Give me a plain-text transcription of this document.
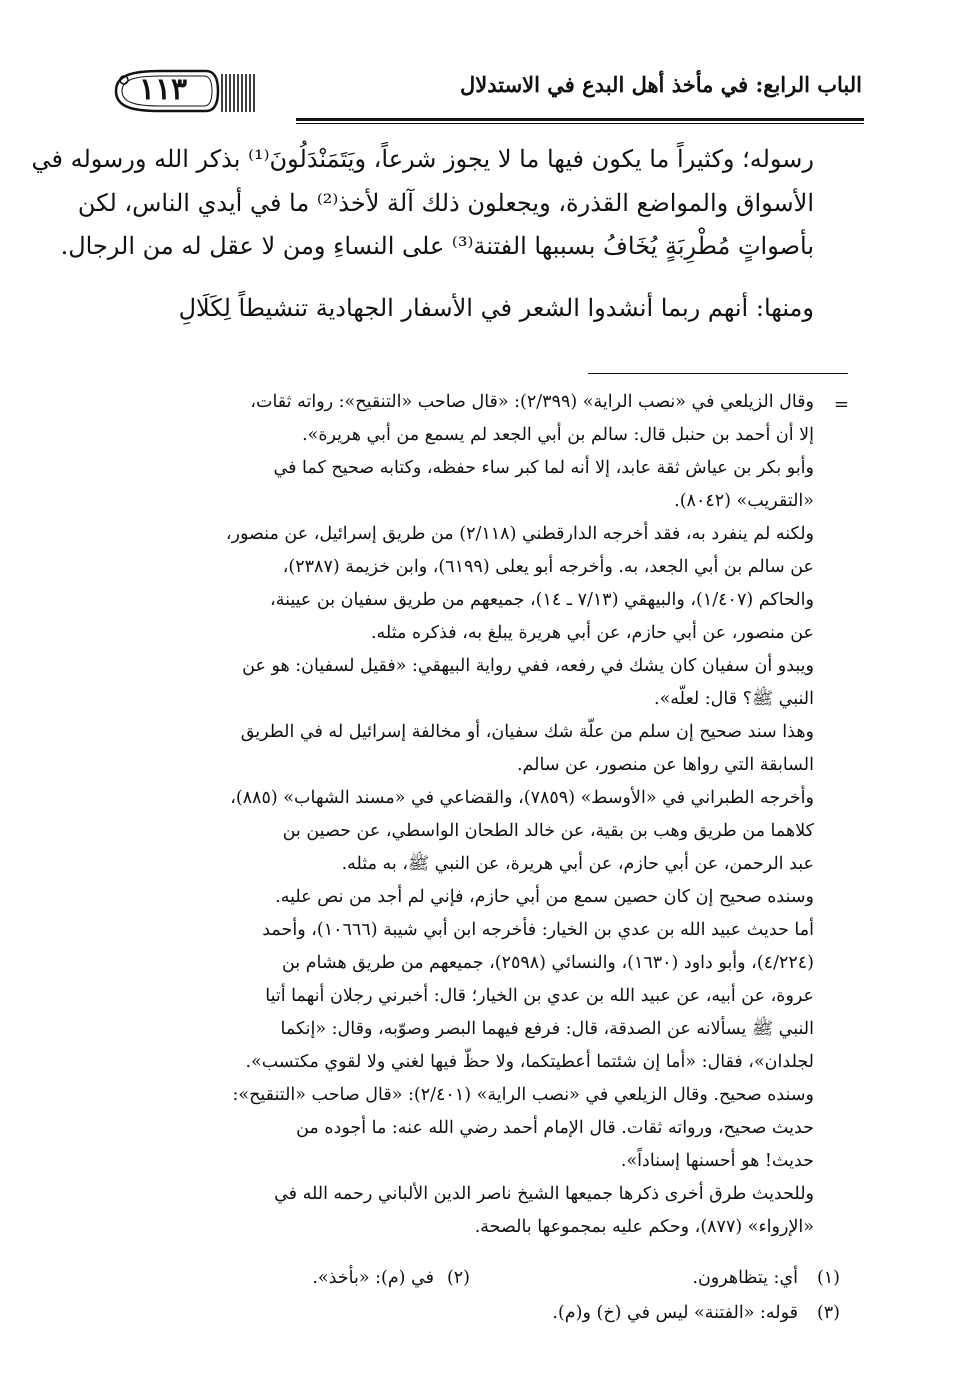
الباب الرابع: في مأخذ أهل البدع في الاستدلال
١١٣
رسوله؛ وكثيراً ما يكون فيها ما لا يجوز شرعاً، ويَتَمَنْدَلُونَ⁽¹⁾ بذكر الله ورسوله في
الأسواق والمواضع القذرة، ويجعلون ذلك آلة لأخذ⁽²⁾ ما في أيدي الناس، لكن
بأصواتٍ مُطْرِبَةٍ يُخَافُ بسببها الفتنة⁽³⁾ على النساءِ ومن لا عقل له من الرجال.
ومنها: أنهم ربما أنشدوا الشعر في الأسفار الجهادية تنشيطاً لِكَلَالِ
=
وقال الزيلعي في «نصب الراية» (٢/٣٩٩): «قال صاحب «التنقيح»: رواته ثقات،
إلا أن أحمد بن حنبل قال: سالم بن أبي الجعد لم يسمع من أبي هريرة».
وأبو بكر بن عياش ثقة عابد، إلا أنه لما كبر ساء حفظه، وكتابه صحيح كما في
«التقريب» (٨٠٤٢).
ولكنه لم ينفرد به، فقد أخرجه الدارقطني (٢/١١٨) من طريق إسرائيل، عن منصور،
عن سالم بن أبي الجعد، به. وأخرجه أبو يعلى (٦١٩٩)، وابن خزيمة (٢٣٨٧)،
والحاكم (١/٤٠٧)، والبيهقي (٧/١٣ ـ ١٤)، جميعهم من طريق سفيان بن عيينة،
عن منصور، عن أبي حازم، عن أبي هريرة يبلغ به، فذكره مثله.
ويبدو أن سفيان كان يشك في رفعه، ففي رواية البيهقي: «فقيل لسفيان: هو عن
النبي ﷺ؟ قال: لعلّه».
وهذا سند صحيح إن سلم من علّة شك سفيان، أو مخالفة إسرائيل له في الطريق
السابقة التي رواها عن منصور، عن سالم.
وأخرجه الطبراني في «الأوسط» (٧٨٥٩)، والقضاعي في «مسند الشهاب» (٨٨٥)،
كلاهما من طريق وهب بن بقية، عن خالد الطحان الواسطي، عن حصين بن
عبد الرحمن، عن أبي حازم، عن أبي هريرة، عن النبي ﷺ، به مثله.
وسنده صحيح إن كان حصين سمع من أبي حازم، فإني لم أجد من نص عليه.
أما حديث عبيد الله بن عدي بن الخيار: فأخرجه ابن أبي شيبة (١٠٦٦٦)، وأحمد
(٤/٢٢٤)، وأبو داود (١٦٣٠)، والنسائي (٢٥٩٨)، جميعهم من طريق هشام بن
عروة، عن أبيه، عن عبيد الله بن عدي بن الخيار؛ قال: أخبرني رجلان أنهما أتيا
النبي ﷺ يسألانه عن الصدقة، قال: فرفع فيهما البصر وصوّبه، وقال: «إنكما
لجلدان»، فقال: «أما إن شئتما أعطيتكما، ولا حظّ فيها لغني ولا لقوي مكتسب».
وسنده صحيح. وقال الزيلعي في «نصب الراية» (٢/٤٠١): «قال صاحب «التنقيح»:
حديث صحيح، ورواته ثقات. قال الإمام أحمد رضي الله عنه: ما أجوده من
حديث! هو أحسنها إسناداً».
وللحديث طرق أخرى ذكرها جميعها الشيخ ناصر الدين الألباني رحمه الله في
«الإرواء» (٨٧٧)، وحكم عليه بمجموعها بالصحة.
(١)
أي: يتظاهرون.
(٢)
في (م): «بأخذ».
(٣)
قوله: «الفتنة» ليس في (خ) و(م).
